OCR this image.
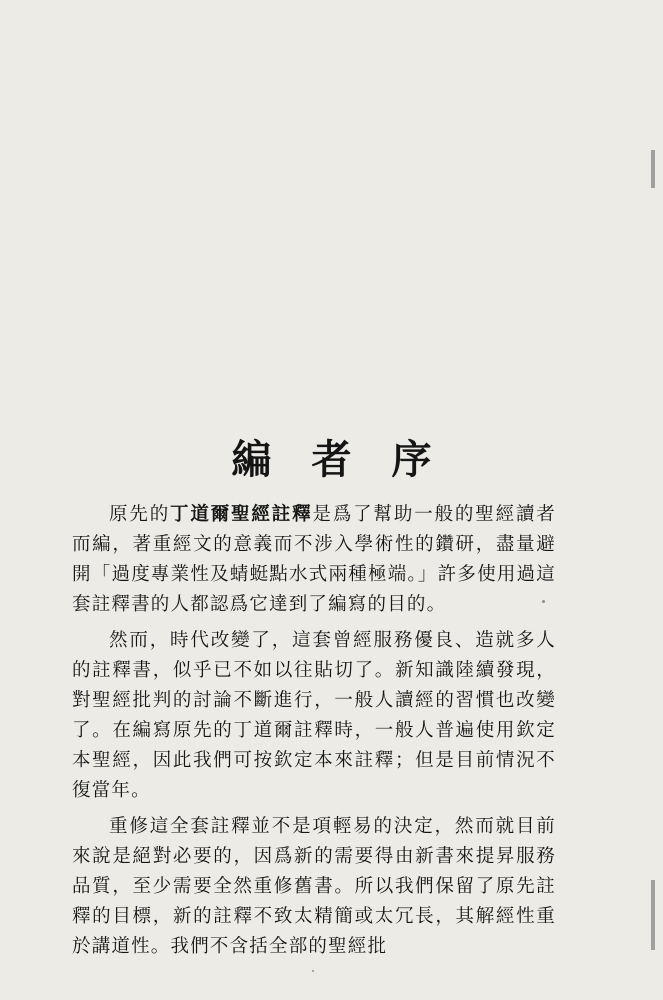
編者序

原先的丁道爾聖經註釋是爲了幫助一般的聖經讀者而編，著重經文的意義而不涉入學術性的鑽研，盡量避開「過度專業性及蜻蜓點水式兩種極端。」許多使用過這套註釋書的人都認爲它達到了編寫的目的。

然而，時代改變了，這套曾經服務優良、造就多人的註釋書，似乎已不如以往貼切了。新知識陸續發現，對聖經批判的討論不斷進行，一般人讀經的習慣也改變了。在編寫原先的丁道爾註釋時，一般人普遍使用欽定本聖經，因此我們可按欽定本來註釋；但是目前情況不復當年。

重修這全套註釋並不是項輕易的決定，然而就目前來說是絕對必要的，因爲新的需要得由新書來提昇服務品質，至少需要全然重修舊書。所以我們保留了原先註釋的目標，新的註釋不致太精簡或太冗長，其解經性重於講道性。我們不含括全部的聖經批
